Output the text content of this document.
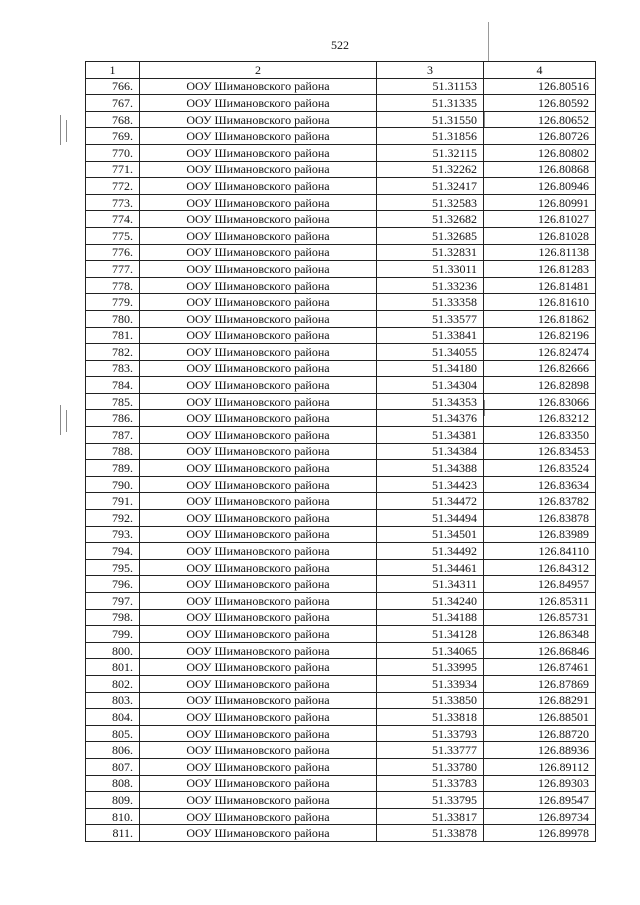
522
1	2	3	4
766.	ООУ Шимановского района	51.31153	126.80516
767.	ООУ Шимановского района	51.31335	126.80592
768.	ООУ Шимановского района	51.31550	126.80652
769.	ООУ Шимановского района	51.31856	126.80726
770.	ООУ Шимановского района	51.32115	126.80802
771.	ООУ Шимановского района	51.32262	126.80868
772.	ООУ Шимановского района	51.32417	126.80946
773.	ООУ Шимановского района	51.32583	126.80991
774.	ООУ Шимановского района	51.32682	126.81027
775.	ООУ Шимановского района	51.32685	126.81028
776.	ООУ Шимановского района	51.32831	126.81138
777.	ООУ Шимановского района	51.33011	126.81283
778.	ООУ Шимановского района	51.33236	126.81481
779.	ООУ Шимановского района	51.33358	126.81610
780.	ООУ Шимановского района	51.33577	126.81862
781.	ООУ Шимановского района	51.33841	126.82196
782.	ООУ Шимановского района	51.34055	126.82474
783.	ООУ Шимановского района	51.34180	126.82666
784.	ООУ Шимановского района	51.34304	126.82898
785.	ООУ Шимановского района	51.34353	126.83066
786.	ООУ Шимановского района	51.34376	126.83212
787.	ООУ Шимановского района	51.34381	126.83350
788.	ООУ Шимановского района	51.34384	126.83453
789.	ООУ Шимановского района	51.34388	126.83524
790.	ООУ Шимановского района	51.34423	126.83634
791.	ООУ Шимановского района	51.34472	126.83782
792.	ООУ Шимановского района	51.34494	126.83878
793.	ООУ Шимановского района	51.34501	126.83989
794.	ООУ Шимановского района	51.34492	126.84110
795.	ООУ Шимановского района	51.34461	126.84312
796.	ООУ Шимановского района	51.34311	126.84957
797.	ООУ Шимановского района	51.34240	126.85311
798.	ООУ Шимановского района	51.34188	126.85731
799.	ООУ Шимановского района	51.34128	126.86348
800.	ООУ Шимановского района	51.34065	126.86846
801.	ООУ Шимановского района	51.33995	126.87461
802.	ООУ Шимановского района	51.33934	126.87869
803.	ООУ Шимановского района	51.33850	126.88291
804.	ООУ Шимановского района	51.33818	126.88501
805.	ООУ Шимановского района	51.33793	126.88720
806.	ООУ Шимановского района	51.33777	126.88936
807.	ООУ Шимановского района	51.33780	126.89112
808.	ООУ Шимановского района	51.33783	126.89303
809.	ООУ Шимановского района	51.33795	126.89547
810.	ООУ Шимановского района	51.33817	126.89734
811.	ООУ Шимановского района	51.33878	126.89978
